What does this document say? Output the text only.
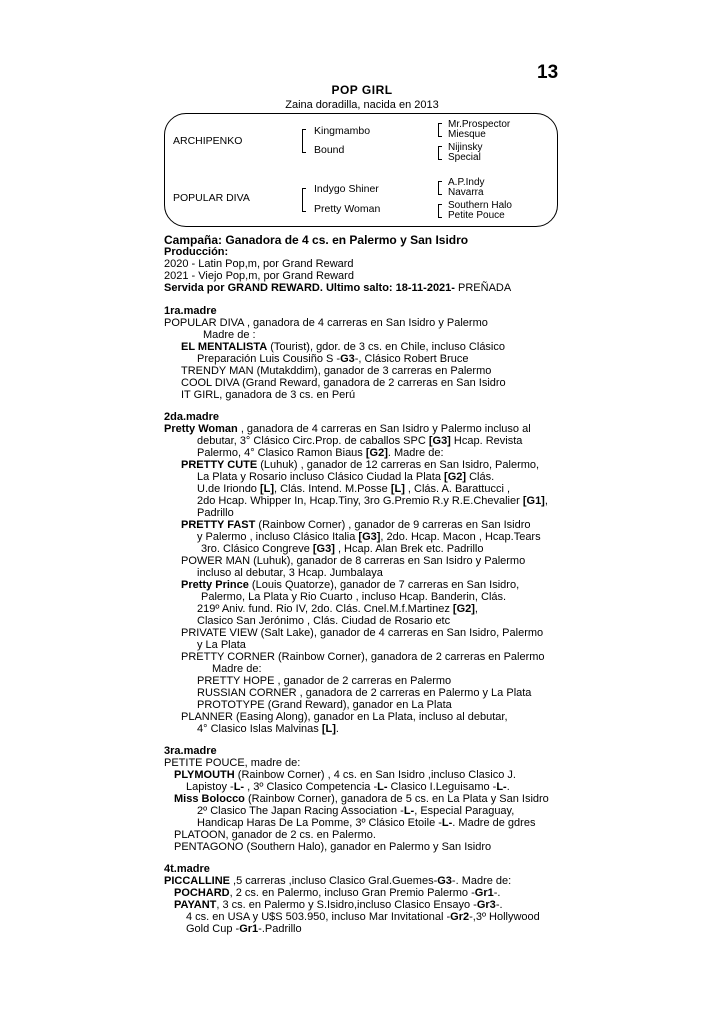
13
POP GIRL
Zaina doradilla, nacida en 2013
ARCHIPENKO
Kingmambo
Bound
Mr.Prospector
Miesque
Nijinsky
Special
POPULAR DIVA
Indygo Shiner
Pretty Woman
A.P.Indy
Navarra
Southern Halo
Petite Pouce
Campaña: Ganadora de 4 cs. en Palermo y San Isidro
Producción:
2020 - Latin Pop,m, por Grand Reward
2021 - Viejo Pop,m, por Grand Reward
Servida por GRAND REWARD. Ultimo salto: 18-11-2021- PREÑADA
1ra.madre
POPULAR DIVA , ganadora de 4 carreras en San Isidro y Palermo
Madre de :
EL MENTALISTA (Tourist), gdor. de 3 cs. en Chile, incluso Clásico
Preparación Luis Cousiño S -G3-, Clásico Robert Bruce
TRENDY MAN (Mutakddim), ganador de 3 carreras en Palermo
COOL DIVA (Grand Reward, ganadora de 2 carreras en San Isidro
IT GIRL, ganadora de 3 cs. en Perú
2da.madre
Pretty Woman , ganadora de 4 carreras en San Isidro y Palermo incluso al
debutar, 3° Clásico Circ.Prop. de caballos SPC [G3] Hcap. Revista
Palermo, 4° Clasico Ramon Biaus [G2]. Madre de:
PRETTY CUTE (Luhuk) , ganador de 12 carreras en San Isidro, Palermo,
La Plata y Rosario incluso Clásico Ciudad la Plata [G2] Clás.
U.de Iriondo [L], Clás. Intend. M.Posse [L] , Clás. A. Barattucci ,
2do Hcap. Whipper In, Hcap.Tiny, 3ro G.Premio R.y R.E.Chevalier [G1],
Padrillo
PRETTY FAST (Rainbow Corner) , ganador de 9 carreras en San Isidro
y Palermo , incluso Clásico Italia [G3], 2do. Hcap. Macon , Hcap.Tears
3ro. Clásico Congreve [G3] , Hcap. Alan Brek etc. Padrillo
POWER MAN (Luhuk), ganador de 8 carreras en San Isidro y Palermo
incluso al debutar, 3 Hcap. Jumbalaya
Pretty Prince (Louis Quatorze), ganador de 7 carreras en San Isidro,
Palermo, La Plata y Rio Cuarto , incluso Hcap. Banderin, Clás.
219º Aniv. fund. Rio IV, 2do. Clás. Cnel.M.f.Martinez [G2],
Clasico San Jerónimo , Clás. Ciudad de Rosario etc
PRIVATE VIEW (Salt Lake), ganador de 4 carreras en San Isidro, Palermo
y La Plata
PRETTY CORNER (Rainbow Corner), ganadora de 2 carreras en Palermo
Madre de:
PRETTY HOPE , ganador de 2 carreras en Palermo
RUSSIAN CORNER , ganadora de 2 carreras en Palermo y La Plata
PROTOTYPE (Grand Reward), ganador en La Plata
PLANNER (Easing Along), ganador en La Plata, incluso al debutar,
4° Clasico Islas Malvinas [L].
3ra.madre
PETITE POUCE, madre de:
PLYMOUTH (Rainbow Corner) , 4 cs. en San Isidro ,incluso Clasico J.
Lapistoy -L- , 3º Clasico Competencia -L- Clasico I.Leguisamo -L-.
Miss Bolocco (Rainbow Corner), ganadora de 5 cs. en La Plata y San Isidro
2º Clasico The Japan Racing Association -L-, Especial Paraguay,
Handicap Haras De La Pomme, 3º Clásico Etoile -L-. Madre de gdres
PLATOON, ganador de 2 cs. en Palermo.
PENTAGONO (Southern Halo), ganador en Palermo y San Isidro
4t.madre
PICCALLINE ,5 carreras ,incluso Clasico Gral.Guemes-G3-. Madre de:
POCHARD, 2 cs. en Palermo, incluso Gran Premio Palermo -Gr1-.
PAYANT, 3 cs. en Palermo y S.Isidro,incluso Clasico Ensayo -Gr3-.
4 cs. en USA y U$S 503.950, incluso Mar Invitational -Gr2-,3º Hollywood
Gold Cup -Gr1-.Padrillo
